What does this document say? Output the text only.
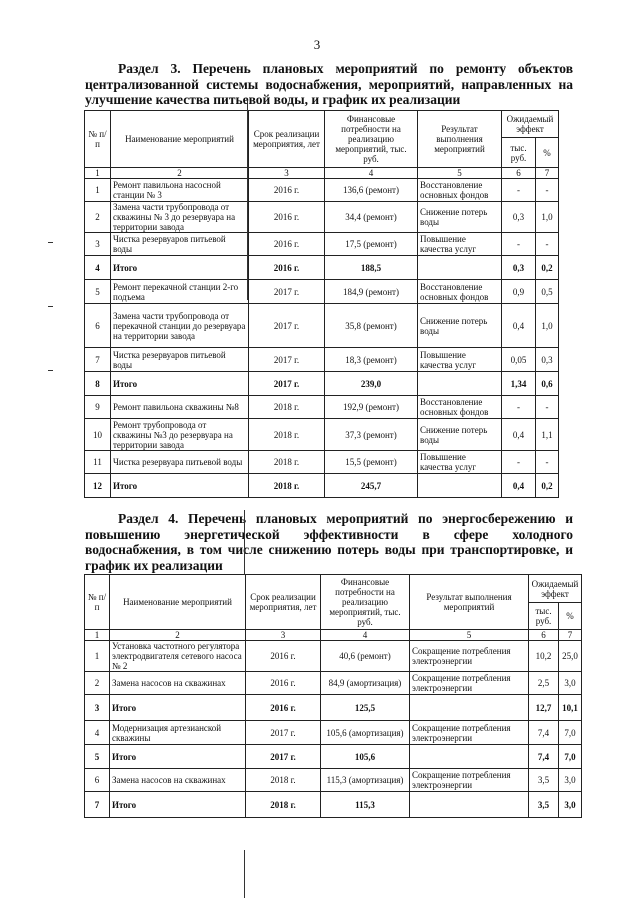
3
Раздел 3. Перечень плановых мероприятий по ремонту объектов
централизованной системы водоснабжения, мероприятий, направленных на
улучшение качества питьевой воды, и график их реализации
№ п/п	Наименование мероприятий	Срок реализации мероприятия, лет	Финансовые потребности на реализацию мероприятий, тыс. руб.	Результат выполнения мероприятий	Ожидаемый эффект	
					тыс. руб.	%
1	2	3	4	5	6	7
1	Ремонт павильона насосной станции № 3	2016 г.	136,6 (ремонт)	Восстановление основных фондов	-	-
2	Замена части трубопровода от скважины № 3 до резервуара на территории завода	2016 г.	34,4 (ремонт)	Снижение потерь воды	0,3	1,0
3	Чистка резервуаров питьевой воды	2016 г.	17,5 (ремонт)	Повышение качества услуг	-	-
4	Итого	2016 г.	188,5		0,3	0,2
5	Ремонт перекачной станции 2-го подъема	2017 г.	184,9 (ремонт)	Восстановление основных фондов	0,9	0,5
6	Замена части трубопровода от перекачной станции до резервуара на территории завода	2017 г.	35,8 (ремонт)	Снижение потерь воды	0,4	1,0
7	Чистка резервуаров питьевой воды	2017 г.	18,3 (ремонт)	Повышение качества услуг	0,05	0,3
8	Итого	2017 г.	239,0		1,34	0,6
9	Ремонт павильона скважины №8	2018 г.	192,9 (ремонт)	Восстановление основных фондов	-	-
10	Ремонт трубопровода от скважины №3 до резервуара на территории завода	2018 г.	37,3 (ремонт)	Снижение потерь воды	0,4	1,1
11	Чистка резервуара питьевой воды	2018 г.	15,5 (ремонт)	Повышение качества услуг	-	-
12	Итого	2018 г.	245,7		0,4	0,2
Раздел 4. Перечень плановых мероприятий по энергосбережению и
повышению энергетической эффективности в сфере холодного
водоснабжения, в том числе снижению потерь воды при транспортировке, и
график их реализации
№ п/п	Наименование мероприятий	Срок реализации мероприятия, лет	Финансовые потребности на реализацию мероприятий, тыс. руб.	Результат выполнения мероприятий	Ожидаемый эффект	
					тыс. руб.	%
1	2	3	4	5	6	7
1	Установка частотного регулятора электродвигателя сетевого насоса № 2	2016 г.	40,6 (ремонт)	Сокращение потребления электроэнергии	10,2	25,0
2	Замена насосов на скважинах	2016 г.	84,9 (амортизация)	Сокращение потребления электроэнергии	2,5	3,0
3	Итого	2016 г.	125,5		12,7	10,1
4	Модернизация артезианской скважины	2017 г.	105,6 (амортизация)	Сокращение потребления электроэнергии	7,4	7,0
5	Итого	2017 г.	105,6		7,4	7,0
6	Замена насосов на скважинах	2018 г.	115,3 (амортизация)	Сокращение потребления электроэнергии	3,5	3,0
7	Итого	2018 г.	115,3		3,5	3,0
